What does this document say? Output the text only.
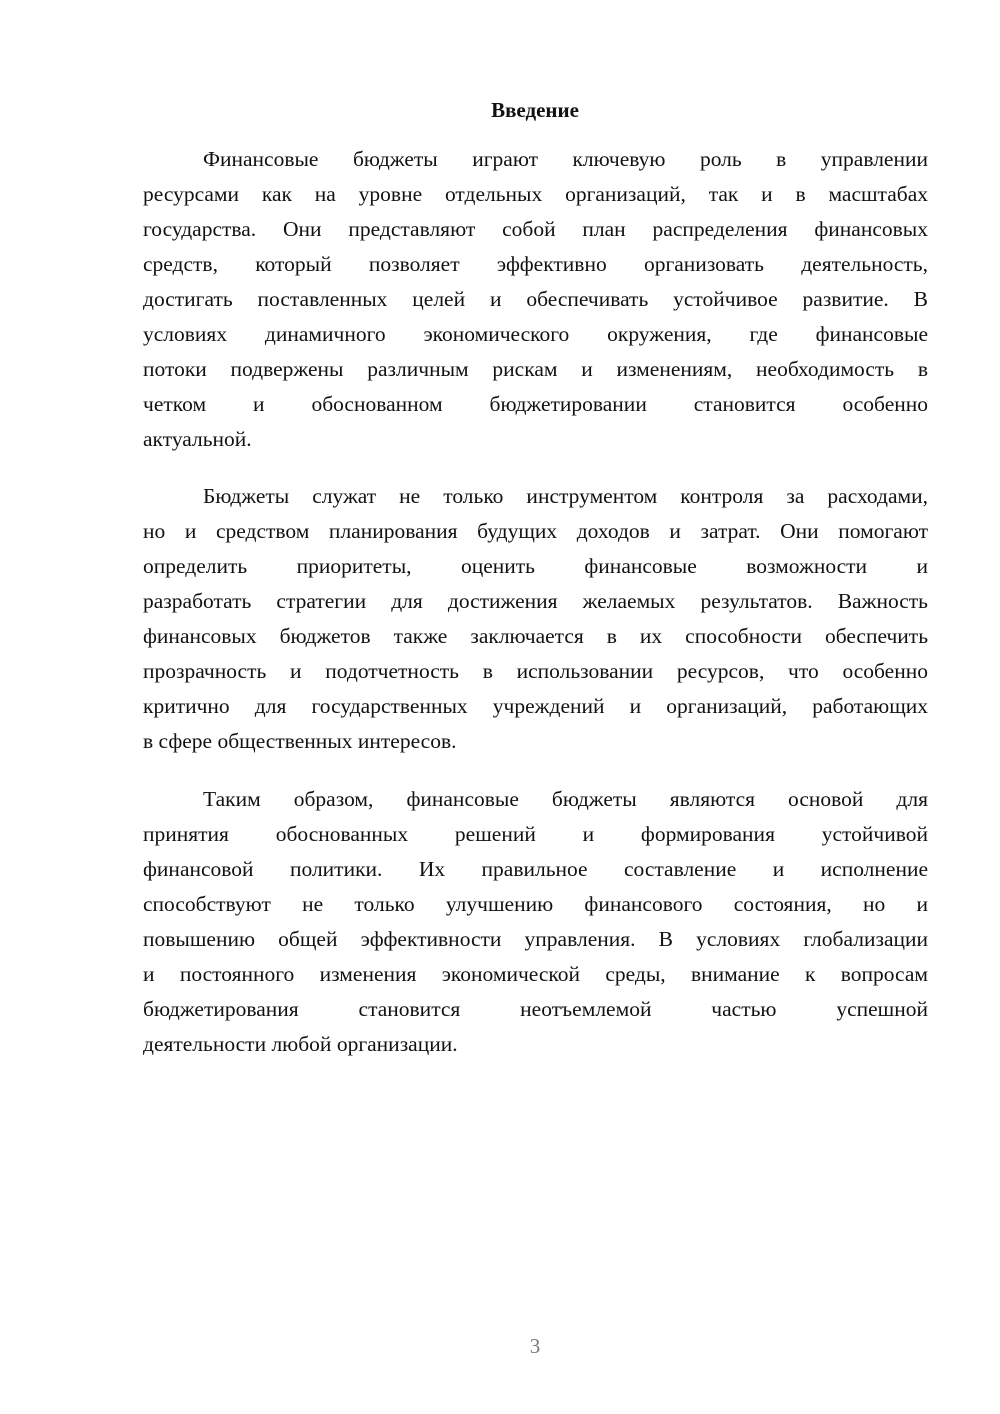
Введение
Финансовые бюджеты играют ключевую роль в управлении
ресурсами как на уровне отдельных организаций, так и в масштабах
государства. Они представляют собой план распределения финансовых
средств, который позволяет эффективно организовать деятельность,
достигать поставленных целей и обеспечивать устойчивое развитие. В
условиях динамичного экономического окружения, где финансовые
потоки подвержены различным рискам и изменениям, необходимость в
четком и обоснованном бюджетировании становится особенно
актуальной.
Бюджеты служат не только инструментом контроля за расходами,
но и средством планирования будущих доходов и затрат. Они помогают
определить приоритеты, оценить финансовые возможности и
разработать стратегии для достижения желаемых результатов. Важность
финансовых бюджетов также заключается в их способности обеспечить
прозрачность и подотчетность в использовании ресурсов, что особенно
критично для государственных учреждений и организаций, работающих
в сфере общественных интересов.
Таким образом, финансовые бюджеты являются основой для
принятия обоснованных решений и формирования устойчивой
финансовой политики. Их правильное составление и исполнение
способствуют не только улучшению финансового состояния, но и
повышению общей эффективности управления. В условиях глобализации
и постоянного изменения экономической среды, внимание к вопросам
бюджетирования становится неотъемлемой частью успешной
деятельности любой организации.
3
